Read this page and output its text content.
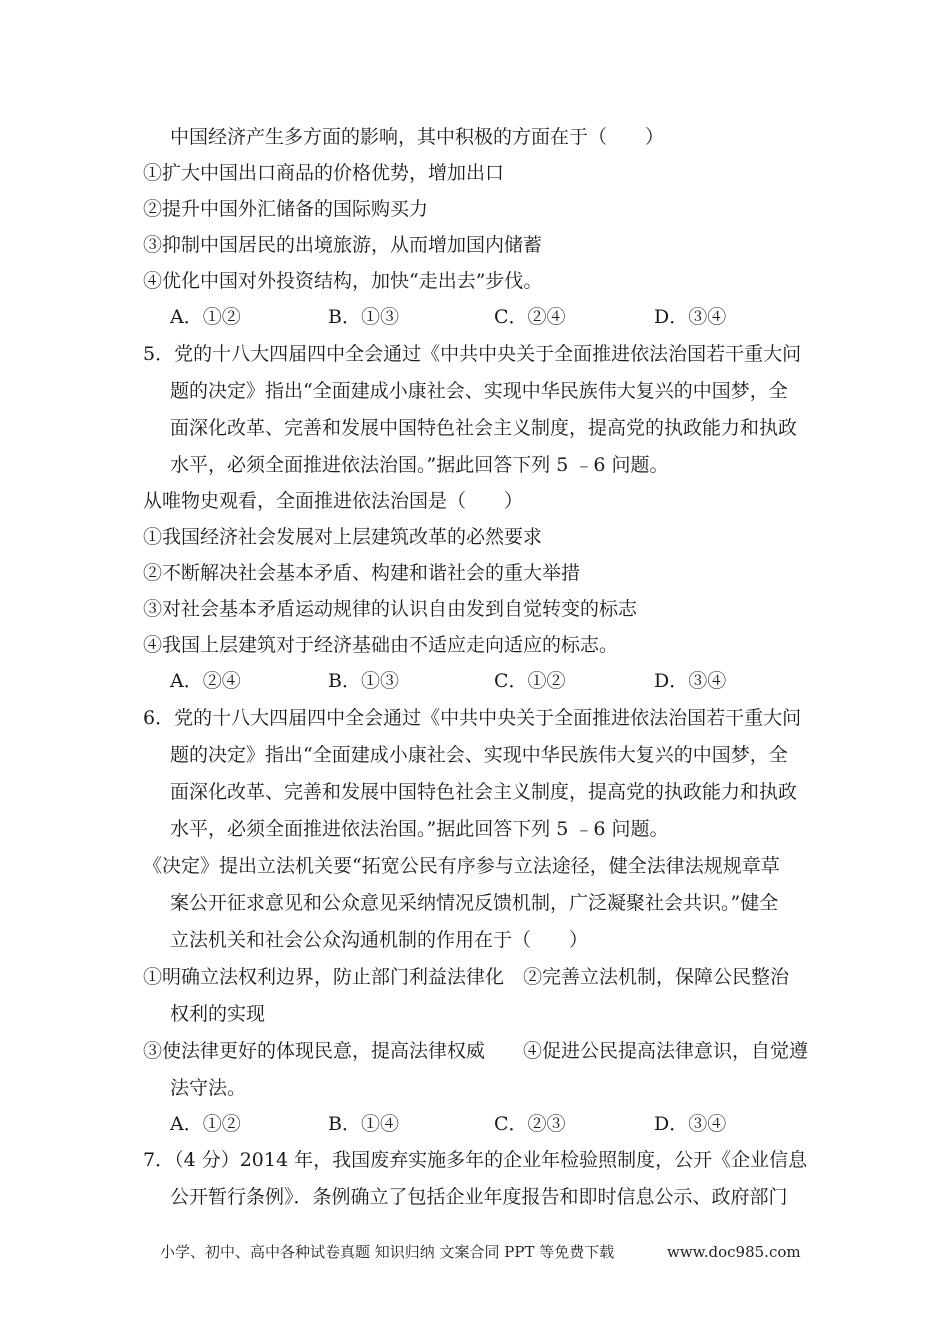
中国经济产生多方面的影响，其中积极的方面在于（　　）
①扩大中国出口商品的价格优势，增加出口
②提升中国外汇储备的国际购买力
③抑制中国居民的出境旅游，从而增加国内储蓄
④优化中国对外投资结构，加快“走出去”步伐。
5．党的十八大四届四中全会通过《中共中央关于全面推进依法治国若干重大问
题的决定》指出“全面建成小康社会、实现中华民族伟大复兴的中国梦，全
面深化改革、完善和发展中国特色社会主义制度，提高党的执政能力和执政
水平，必须全面推进依法治国。”据此回答下列 5 ﹣6 问题。
从唯物史观看，全面推进依法治国是（　　）
①我国经济社会发展对上层建筑改革的必然要求
②不断解决社会基本矛盾、构建和谐社会的重大举措
③对社会基本矛盾运动规律的认识自由发到自觉转变的标志
④我国上层建筑对于经济基础由不适应走向适应的标志。
6．党的十八大四届四中全会通过《中共中央关于全面推进依法治国若干重大问
题的决定》指出“全面建成小康社会、实现中华民族伟大复兴的中国梦，全
面深化改革、完善和发展中国特色社会主义制度，提高党的执政能力和执政
水平，必须全面推进依法治国。”据此回答下列 5 ﹣6 问题。
《决定》提出立法机关要“拓宽公民有序参与立法途径，健全法律法规规章草
案公开征求意见和公众意见采纳情况反馈机制，广泛凝聚社会共识。”健全
立法机关和社会公众沟通机制的作用在于（　　）
①明确立法权利边界，防止部门利益法律化　②完善立法机制，保障公民整治
权利的实现
③使法律更好的体现民意，提高法律权威　　④促进公民提高法律意识，自觉遵
法守法。
7．（4 分）2014 年，我国废弃实施多年的企业年检验照制度，公开《企业信息
公开暂行条例》．条例确立了包括企业年度报告和即时信息公示、政府部门
A．①②	B．①③	C．②④	D．③④
A．②④	B．①③	C．①②	D．③④
A．①②	B．①④	C．②③	D．③④
小学、初中、高中各种试卷真题 知识归纳 文案合同 PPT 等免费下载	www.doc985.com
